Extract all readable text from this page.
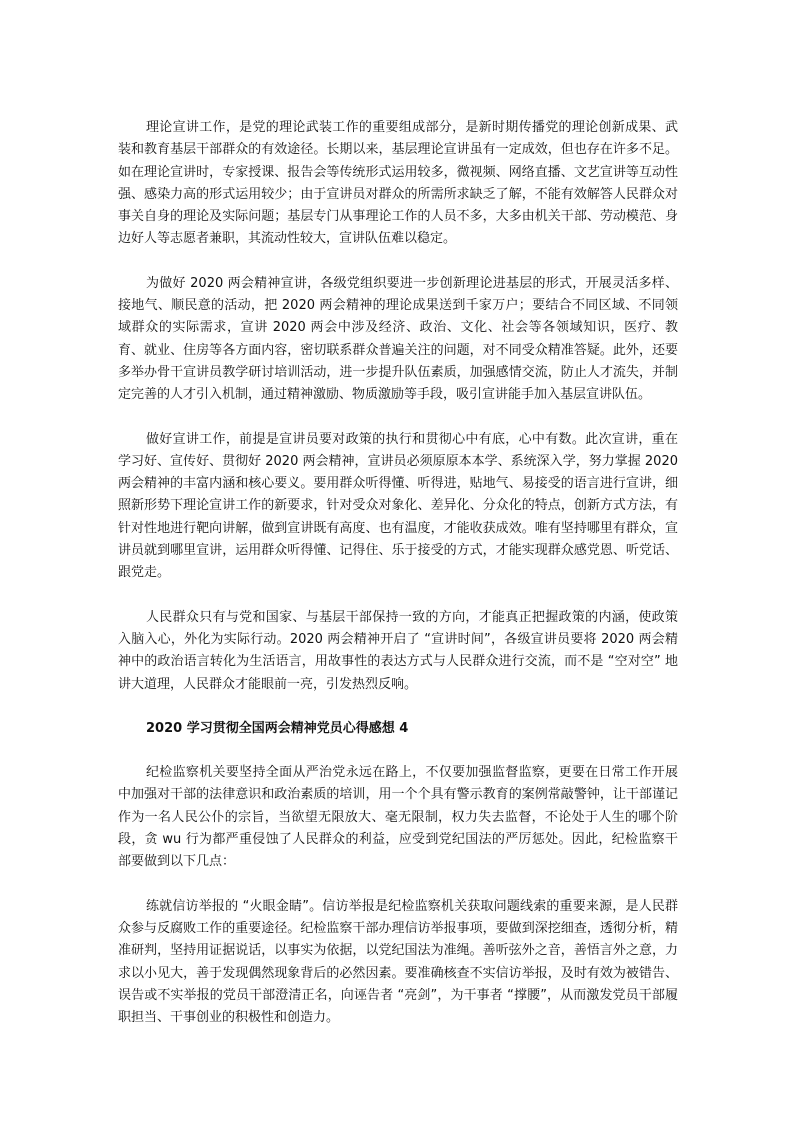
理论宣讲工作，是党的理论武装工作的重要组成部分，是新时期传播党的理论创新成果、武装和教育基层干部群众的有效途径。长期以来，基层理论宣讲虽有一定成效，但也存在许多不足。如在理论宣讲时，专家授课、报告会等传统形式运用较多，微视频、网络直播、文艺宣讲等互动性强、感染力高的形式运用较少；由于宣讲员对群众的所需所求缺乏了解，不能有效解答人民群众对事关自身的理论及实际问题；基层专门从事理论工作的人员不多，大多由机关干部、劳动模范、身边好人等志愿者兼职，其流动性较大，宣讲队伍难以稳定。

为做好 2020 两会精神宣讲，各级党组织要进一步创新理论进基层的形式，开展灵活多样、接地气、顺民意的活动，把 2020 两会精神的理论成果送到千家万户；要结合不同区域、不同领域群众的实际需求，宣讲 2020 两会中涉及经济、政治、文化、社会等各领域知识，医疗、教育、就业、住房等各方面内容，密切联系群众普遍关注的问题，对不同受众精准答疑。此外，还要多举办骨干宣讲员教学研讨培训活动，进一步提升队伍素质，加强感情交流，防止人才流失，并制定完善的人才引入机制，通过精神激励、物质激励等手段，吸引宣讲能手加入基层宣讲队伍。

做好宣讲工作，前提是宣讲员要对政策的执行和贯彻心中有底，心中有数。此次宣讲，重在学习好、宣传好、贯彻好 2020 两会精神，宣讲员必须原原本本学、系统深入学，努力掌握 2020 两会精神的丰富内涵和核心要义。要用群众听得懂、听得进，贴地气、易接受的语言进行宣讲，细照新形势下理论宣讲工作的新要求，针对受众对象化、差异化、分众化的特点，创新方式方法，有针对性地进行靶向讲解，做到宣讲既有高度、也有温度，才能收获成效。唯有坚持哪里有群众，宣讲员就到哪里宣讲，运用群众听得懂、记得住、乐于接受的方式，才能实现群众感党恩、听党话、跟党走。

人民群众只有与党和国家、与基层干部保持一致的方向，才能真正把握政策的内涵，使政策入脑入心，外化为实际行动。2020 两会精神开启了 “宣讲时间”，各级宣讲员要将 2020 两会精神中的政治语言转化为生活语言，用故事性的表达方式与人民群众进行交流，而不是 “空对空” 地讲大道理，人民群众才能眼前一亮，引发热烈反响。

2020 学习贯彻全国两会精神党员心得感想 4

纪检监察机关要坚持全面从严治党永远在路上，不仅要加强监督监察，更要在日常工作开展中加强对干部的法律意识和政治素质的培训，用一个个具有警示教育的案例常敲警钟，让干部谨记作为一名人民公仆的宗旨，当欲望无限放大、毫无限制，权力失去监督，不论处于人生的哪个阶段，贪 wu 行为都严重侵蚀了人民群众的利益，应受到党纪国法的严厉惩处。因此，纪检监察干部要做到以下几点：

练就信访举报的 “火眼金睛”。信访举报是纪检监察机关获取问题线索的重要来源，是人民群众参与反腐败工作的重要途径。纪检监察干部办理信访举报事项，要做到深挖细查，透彻分析，精准研判，坚持用证据说话，以事实为依据，以党纪国法为准绳。善听弦外之音，善悟言外之意，力求以小见大，善于发现偶然现象背后的必然因素。要准确核查不实信访举报，及时有效为被错告、误告或不实举报的党员干部澄清正名，向诬告者 “亮剑”，为干事者 “撑腰”，从而激发党员干部履职担当、干事创业的积极性和创造力。
